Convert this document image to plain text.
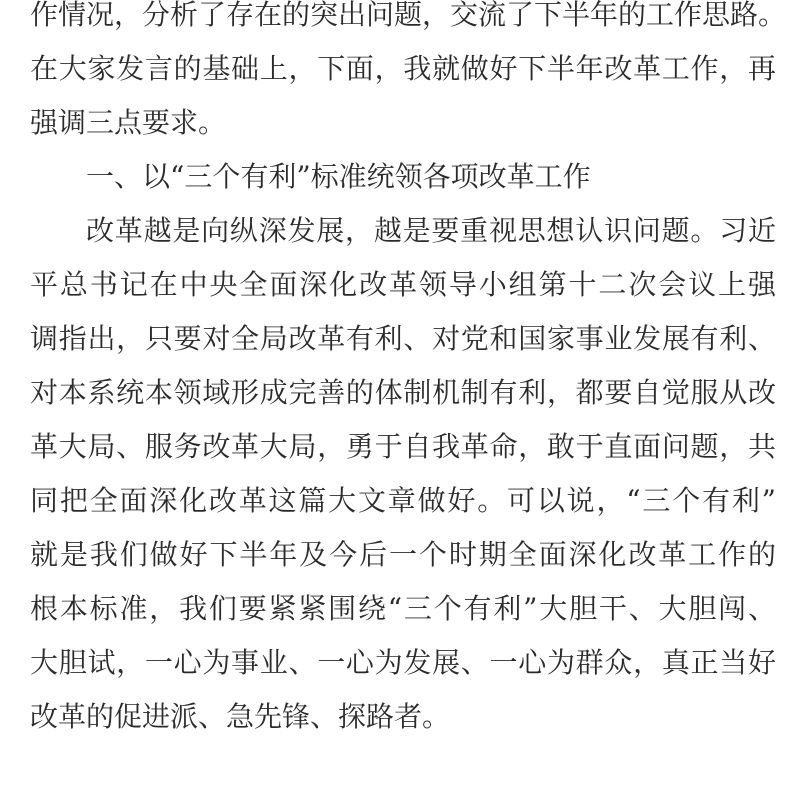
作情况，分析了存在的突出问题，交流了下半年的工作思路。
在大家发言的基础上，下面，我就做好下半年改革工作，再
强调三点要求。
一、以“三个有利”标准统领各项改革工作
改革越是向纵深发展，越是要重视思想认识问题。习近
平总书记在中央全面深化改革领导小组第十二次会议上强
调指出，只要对全局改革有利、对党和国家事业发展有利、
对本系统本领域形成完善的体制机制有利，都要自觉服从改
革大局、服务改革大局，勇于自我革命，敢于直面问题，共
同把全面深化改革这篇大文章做好。可以说，“三个有利”
就是我们做好下半年及今后一个时期全面深化改革工作的
根本标准，我们要紧紧围绕“三个有利”大胆干、大胆闯、
大胆试，一心为事业、一心为发展、一心为群众，真正当好
改革的促进派、急先锋、探路者。
